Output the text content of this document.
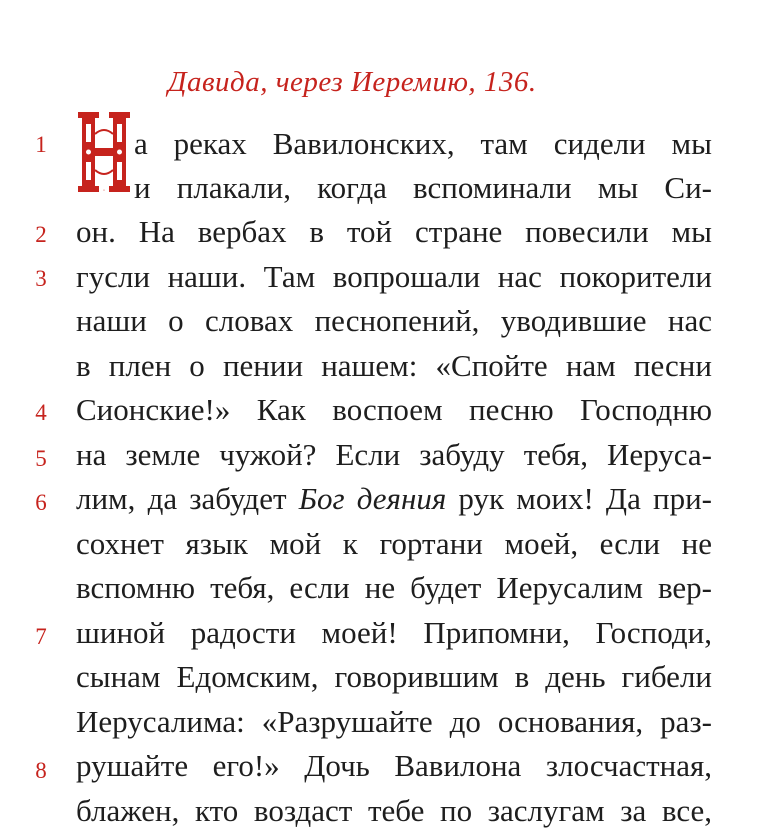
Давида, через Иеремию, 136.
Н
1
2
3
4
5
6
7
8
а реках Вавилонских, там сидели мы
и плакали, когда вспоминали мы Си-
он. На вербах в той стране повесили мы
гусли наши. Там вопрошали нас покорители
наши о словах песнопений, уводившие нас
в плен о пении нашем: «Спойте нам песни
Сионские!» Как воспоем песню Господню
на земле чужой? Если забуду тебя, Иеруса-
лим, да забудет Бог деяния рук моих! Да при-
сохнет язык мой к гортани моей, если не
вспомню тебя, если не будет Иерусалим вер-
шиной радости моей! Припомни, Господи,
сынам Едомским, говорившим в день гибели
Иерусалима: «Разрушайте до основания, раз-
рушайте его!» Дочь Вавилона злосчастная,
блажен, кто воздаст тебе по заслугам за все,
